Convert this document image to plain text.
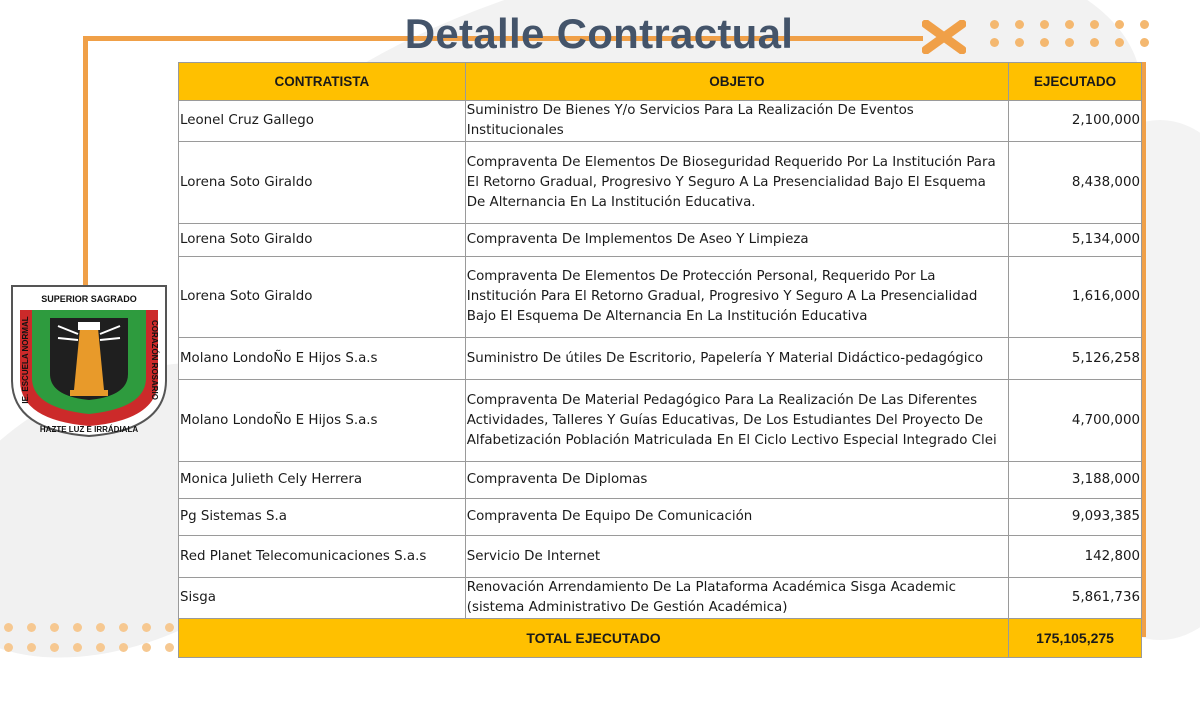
Detalle Contractual
SUPERIOR SAGRADO
IE. ESCUELA NORMAL	CORAZÓN ROSARIO
HAZTE LUZ E IRRÁDIALA
CONTRATISTA	OBJETO	EJECUTADO
Leonel Cruz Gallego	Suministro De Bienes Y/o Servicios Para La Realización De Eventos Institucionales	2,100,000
Lorena Soto Giraldo	Compraventa De Elementos De Bioseguridad Requerido Por La Institución Para El Retorno Gradual, Progresivo Y Seguro A La Presencialidad Bajo El Esquema De Alternancia En La Institución Educativa.	8,438,000
Lorena Soto Giraldo	Compraventa De Implementos De Aseo Y Limpieza	5,134,000
Lorena Soto Giraldo	Compraventa De Elementos De Protección Personal, Requerido Por La Institución Para El Retorno Gradual, Progresivo Y Seguro A La Presencialidad Bajo El Esquema De Alternancia En La Institución Educativa	1,616,000
Molano LondoÑo E Hijos S.a.s	Suministro De útiles De Escritorio, Papelería Y Material Didáctico-pedagógico	5,126,258
Molano LondoÑo E Hijos S.a.s	Compraventa De Material Pedagógico Para La Realización De Las Diferentes Actividades, Talleres Y Guías Educativas, De Los Estudiantes Del Proyecto De Alfabetización Población Matriculada En El Ciclo Lectivo Especial Integrado Clei	4,700,000
Monica Julieth Cely Herrera	Compraventa De Diplomas	3,188,000
Pg Sistemas S.a	Compraventa De Equipo De Comunicación	9,093,385
Red Planet Telecomunicaciones S.a.s	Servicio De Internet	142,800
Sisga	Renovación Arrendamiento De La Plataforma Académica Sisga Academic (sistema Administrativo De Gestión Académica)	5,861,736
TOTAL EJECUTADO		175,105,275
